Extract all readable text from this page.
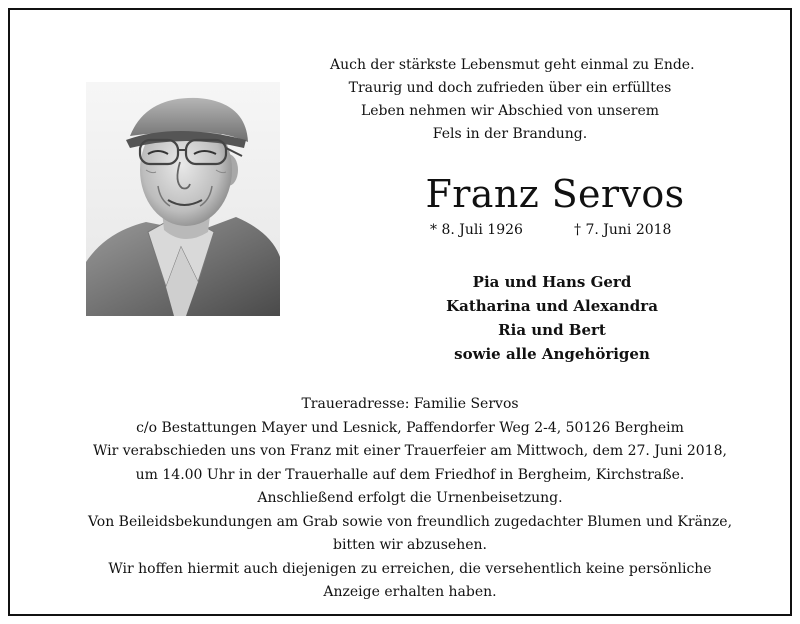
Auch der stärkste Lebensmut geht einmal zu Ende.
Traurig und doch zufrieden über ein erfülltes
Leben nehmen wir Abschied von unserem
Fels in der Brandung.
Franz Servos
* 8. Juli 1926	† 7. Juni 2018
Pia und Hans Gerd
Katharina und Alexandra
Ria und Bert
sowie alle Angehörigen
Traueradresse: Familie Servos
c/o Bestattungen Mayer und Lesnick, Paffendorfer Weg 2-4, 50126 Bergheim
Wir verabschieden uns von Franz mit einer Trauerfeier am Mittwoch, dem 27. Juni 2018,
um 14.00 Uhr in der Trauerhalle auf dem Friedhof in Bergheim, Kirchstraße.
Anschließend erfolgt die Urnenbeisetzung.
Von Beileidsbekundungen am Grab sowie von freundlich zugedachter Blumen und Kränze,
bitten wir abzusehen.
Wir hoffen hiermit auch diejenigen zu erreichen, die versehentlich keine persönliche
Anzeige erhalten haben.
